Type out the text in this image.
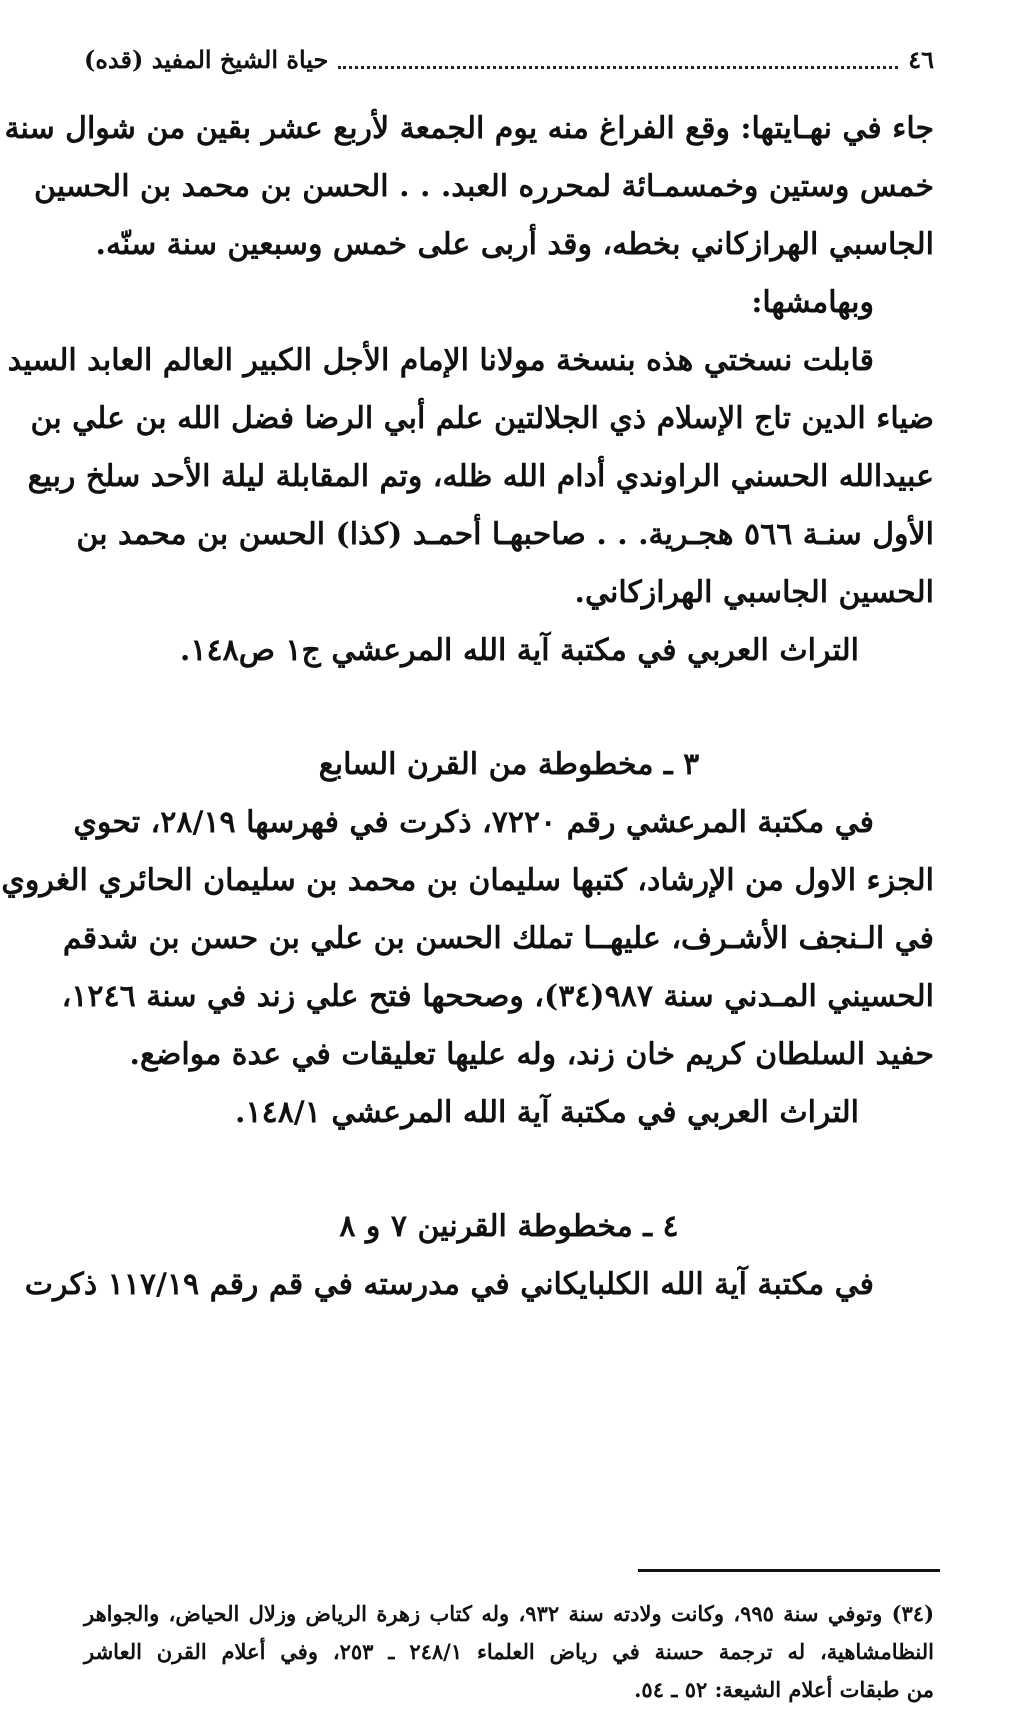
٤٦
حياة الشيخ المفيد (قده)
جاء في نهـايتها: وقع الفراغ منه يوم الجمعة لأربع عشر بقين من شوال سنة
خمس وستين وخمسمـائة لمحرره العبد. . . الحسن بن محمد بن الحسين
الجاسبي الهرازكاني بخطه، وقد أربى على خمس وسبعين سنة سنّه.
وبهامشها:
قابلت نسختي هذه بنسخة مولانا الإمام الأجل الكبير العالم العابد السيد
ضياء الدين تاج الإسلام ذي الجلالتين علم أبي الرضا فضل الله بن علي بن
عبيدالله الحسني الراوندي أدام الله ظله، وتم المقابلة ليلة الأحد سلخ ربيع
الأول سنـة ٥٦٦ هجـرية. . . صاحبهـا أحمـد (كذا) الحسن بن محمد بن
الحسين الجاسبي الهرازكاني.
التراث العربي في مكتبة آية الله المرعشي ج١ ص١٤٨.
٣ ـ مخطوطة من القرن السابع
في مكتبة المرعشي رقم ٧٢٢٠، ذكرت في فهرسها ٢٨/١٩، تحوي
الجزء الاول من الإرشاد، كتبها سليمان بن محمد بن سليمان الحائري الغروي
في الـنجف الأشـرف، عليهــا تملك الحسن بن علي بن حسن بن شدقم
الحسيني المـدني سنة ٩٨٧(٣٤)، وصححها فتح علي زند في سنة ١٢٤٦،
حفيد السلطان كريم خان زند، وله عليها تعليقات في عدة مواضع.
التراث العربي في مكتبة آية الله المرعشي ١٤٨/١.
٤ ـ مخطوطة القرنين ٧ و ٨
في مكتبة آية الله الكلبايكاني في مدرسته في قم رقم ١١٧/١٩ ذكرت
(٣٤) وتوفي سنة ٩٩٥، وكانت ولادته سنة ٩٣٢، وله كتاب زهرة الرياض وزلال الحياض، والجواهر
النظامشاهية، له ترجمة حسنة في رياض العلماء ٢٤٨/١ ـ ٢٥٣، وفي أعلام القرن العاشر
من طبقات أعلام الشيعة: ٥٢ ـ ٥٤.
